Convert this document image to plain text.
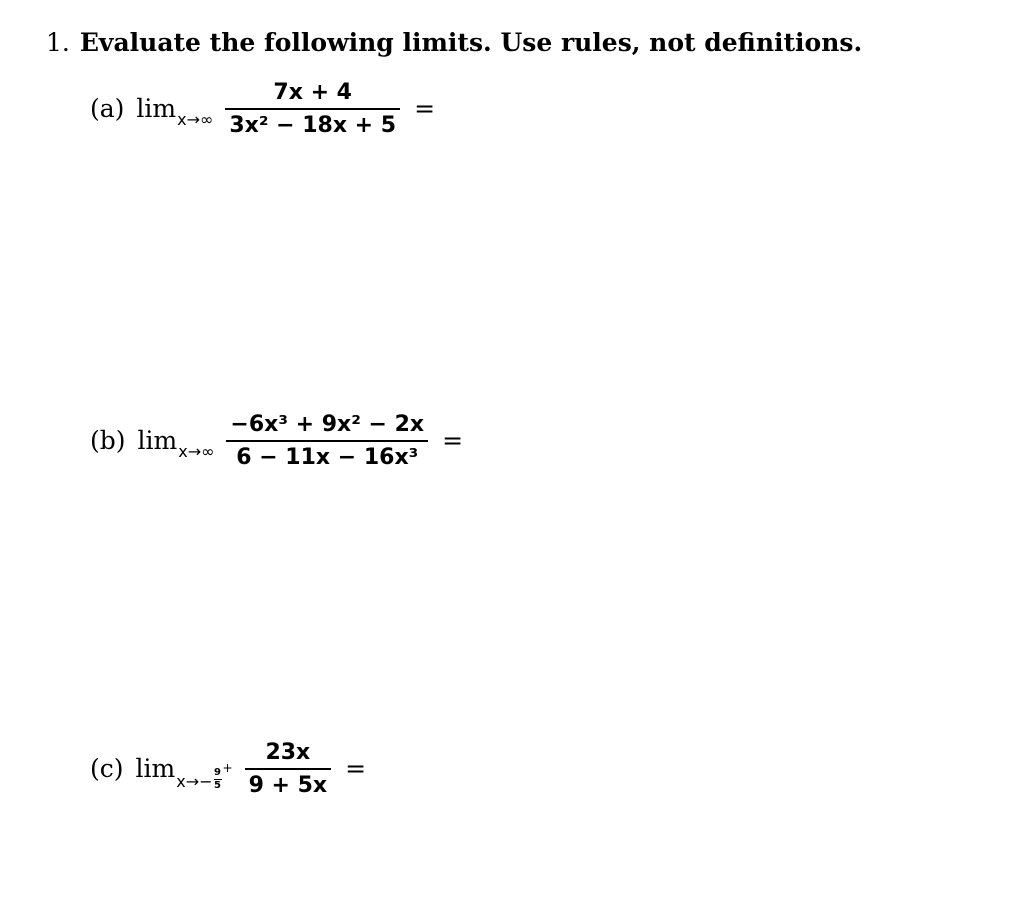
1. Evaluate the following limits. Use rules, not definitions.
(a) $\lim x\to\infty \frac{7x + 4}{\text{3x² − 18x + 5}}$ =
(b) $\lim x\to\infty \frac{\text{−6x³ + 9x² − 2x}}{\text{6 − 11x − 16x³}}$ =
(c) $\lim x\to- \frac{9}{5} + \frac{23x}{9 + 5x}$ =
